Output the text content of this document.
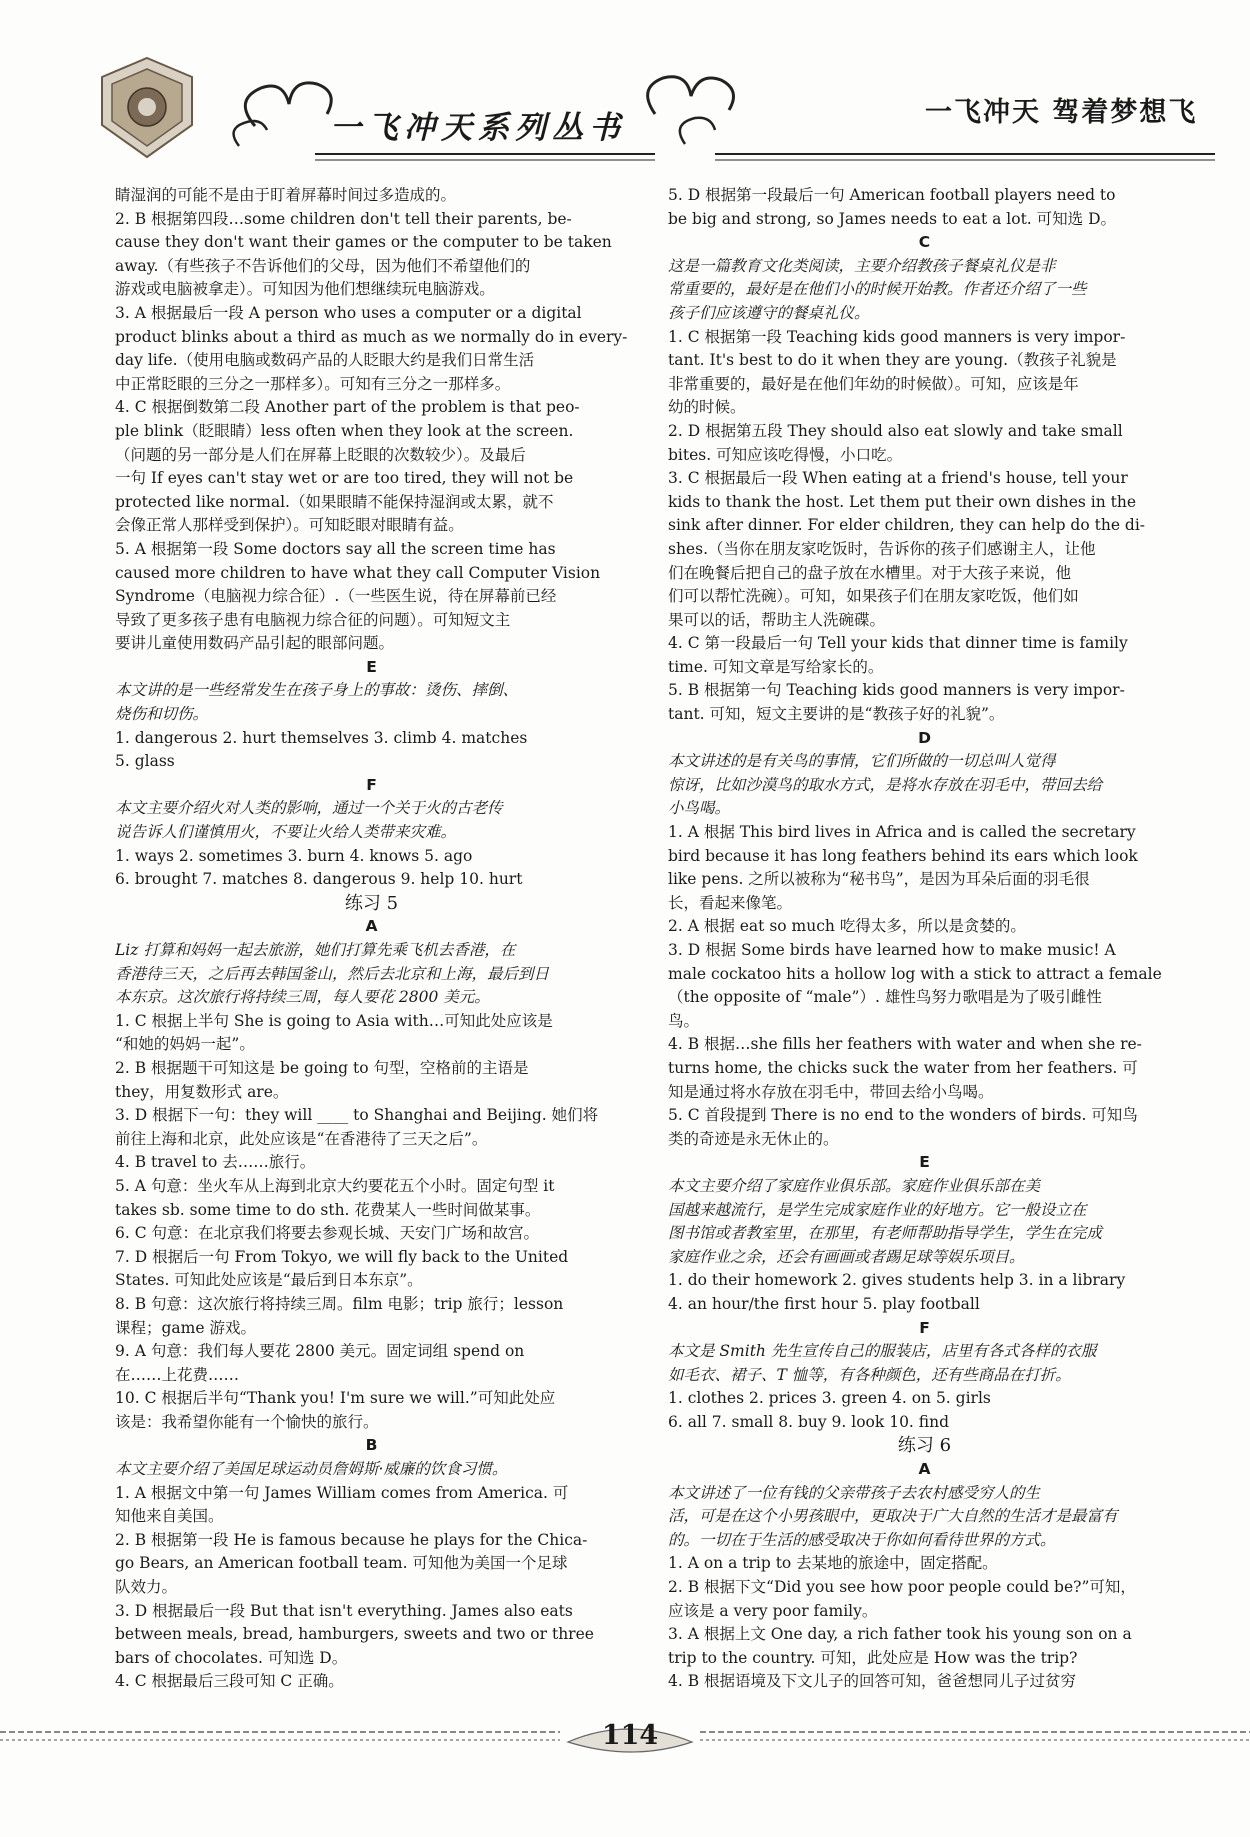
一飞冲天系列丛书	一飞冲天 驾着梦想飞
睛湿润的可能不是由于盯着屏幕时间过多造成的。
2. B 根据第四段…some children don't tell their parents, be-
cause they don't want their games or the computer to be taken
away.（有些孩子不告诉他们的父母，因为他们不希望他们的
游戏或电脑被拿走）。可知因为他们想继续玩电脑游戏。
3. A 根据最后一段 A person who uses a computer or a digital
product blinks about a third as much as we normally do in every-
day life.（使用电脑或数码产品的人眨眼大约是我们日常生活
中正常眨眼的三分之一那样多）。可知有三分之一那样多。
4. C 根据倒数第二段 Another part of the problem is that peo-
ple blink（眨眼睛）less often when they look at the screen.
（问题的另一部分是人们在屏幕上眨眼的次数较少）。及最后
一句 If eyes can't stay wet or are too tired, they will not be
protected like normal.（如果眼睛不能保持湿润或太累，就不
会像正常人那样受到保护）。可知眨眼对眼睛有益。
5. A 根据第一段 Some doctors say all the screen time has
caused more children to have what they call Computer Vision
Syndrome（电脑视力综合征）.（一些医生说，待在屏幕前已经
导致了更多孩子患有电脑视力综合征的问题）。可知短文主
要讲儿童使用数码产品引起的眼部问题。
E
本文讲的是一些经常发生在孩子身上的事故：烫伤、摔倒、
烧伤和切伤。
1. dangerous 2. hurt themselves 3. climb 4. matches
5. glass
F
本文主要介绍火对人类的影响，通过一个关于火的古老传
说告诉人们谨慎用火，不要让火给人类带来灾难。
1. ways 2. sometimes 3. burn 4. knows 5. ago
6. brought 7. matches 8. dangerous 9. help 10. hurt
练习 5
A
Liz 打算和妈妈一起去旅游，她们打算先乘飞机去香港，在
香港待三天，之后再去韩国釜山，然后去北京和上海，最后到日
本东京。这次旅行将持续三周，每人要花 2800 美元。
1. C 根据上半句 She is going to Asia with…可知此处应该是
“和她的妈妈一起”。
2. B 根据题干可知这是 be going to 句型，空格前的主语是
they，用复数形式 are。
3. D 根据下一句：they will ____ to Shanghai and Beijing. 她们将
前往上海和北京，此处应该是“在香港待了三天之后”。
4. B travel to 去……旅行。
5. A 句意：坐火车从上海到北京大约要花五个小时。固定句型 it
takes sb. some time to do sth. 花费某人一些时间做某事。
6. C 句意：在北京我们将要去参观长城、天安门广场和故宫。
7. D 根据后一句 From Tokyo, we will fly back to the United
States. 可知此处应该是“最后到日本东京”。
8. B 句意：这次旅行将持续三周。film 电影；trip 旅行；lesson
课程；game 游戏。
9. A 句意：我们每人要花 2800 美元。固定词组 spend on
在……上花费……
10. C 根据后半句“Thank you! I'm sure we will.”可知此处应
该是：我希望你能有一个愉快的旅行。
B
本文主要介绍了美国足球运动员詹姆斯·威廉的饮食习惯。
1. A 根据文中第一句 James William comes from America. 可
知他来自美国。
2. B 根据第一段 He is famous because he plays for the Chica-
go Bears, an American football team. 可知他为美国一个足球
队效力。
3. D 根据最后一段 But that isn't everything. James also eats
between meals, bread, hamburgers, sweets and two or three
bars of chocolates. 可知选 D。
4. C 根据最后三段可知 C 正确。
5. D 根据第一段最后一句 American football players need to
be big and strong, so James needs to eat a lot. 可知选 D。
C
这是一篇教育文化类阅读，主要介绍教孩子餐桌礼仪是非
常重要的，最好是在他们小的时候开始教。作者还介绍了一些
孩子们应该遵守的餐桌礼仪。
1. C 根据第一段 Teaching kids good manners is very impor-
tant. It's best to do it when they are young.（教孩子礼貌是
非常重要的，最好是在他们年幼的时候做）。可知，应该是年
幼的时候。
2. D 根据第五段 They should also eat slowly and take small
bites. 可知应该吃得慢，小口吃。
3. C 根据最后一段 When eating at a friend's house, tell your
kids to thank the host. Let them put their own dishes in the
sink after dinner. For elder children, they can help do the di-
shes.（当你在朋友家吃饭时，告诉你的孩子们感谢主人，让他
们在晚餐后把自己的盘子放在水槽里。对于大孩子来说，他
们可以帮忙洗碗）。可知，如果孩子们在朋友家吃饭，他们如
果可以的话，帮助主人洗碗碟。
4. C 第一段最后一句 Tell your kids that dinner time is family
time. 可知文章是写给家长的。
5. B 根据第一句 Teaching kids good manners is very impor-
tant. 可知，短文主要讲的是“教孩子好的礼貌”。
D
本文讲述的是有关鸟的事情，它们所做的一切总叫人觉得
惊讶，比如沙漠鸟的取水方式，是将水存放在羽毛中，带回去给
小鸟喝。
1. A 根据 This bird lives in Africa and is called the secretary
bird because it has long feathers behind its ears which look
like pens. 之所以被称为“秘书鸟”，是因为耳朵后面的羽毛很
长，看起来像笔。
2. A 根据 eat so much 吃得太多，所以是贪婪的。
3. D 根据 Some birds have learned how to make music! A
male cockatoo hits a hollow log with a stick to attract a female
（the opposite of “male”）. 雄性鸟努力歌唱是为了吸引雌性
鸟。
4. B 根据…she fills her feathers with water and when she re-
turns home, the chicks suck the water from her feathers. 可
知是通过将水存放在羽毛中，带回去给小鸟喝。
5. C 首段提到 There is no end to the wonders of birds. 可知鸟
类的奇迹是永无休止的。
E
本文主要介绍了家庭作业俱乐部。家庭作业俱乐部在美
国越来越流行，是学生完成家庭作业的好地方。它一般设立在
图书馆或者教室里，在那里，有老师帮助指导学生，学生在完成
家庭作业之余，还会有画画或者踢足球等娱乐项目。
1. do their homework 2. gives students help 3. in a library
4. an hour/the first hour 5. play football
F
本文是 Smith 先生宣传自己的服装店，店里有各式各样的衣服
如毛衣、裙子、T 恤等，有各种颜色，还有些商品在打折。
1. clothes 2. prices 3. green 4. on 5. girls
6. all 7. small 8. buy 9. look 10. find
练习 6
A
本文讲述了一位有钱的父亲带孩子去农村感受穷人的生
活，可是在这个小男孩眼中，更取决于广大自然的生活才是最富有
的。一切在于生活的感受取决于你如何看待世界的方式。
1. A on a trip to 去某地的旅途中，固定搭配。
2. B 根据下文“Did you see how poor people could be?”可知，
应该是 a very poor family。
3. A 根据上文 One day, a rich father took his young son on a
trip to the country. 可知，此处应是 How was the trip?
4. B 根据语境及下文儿子的回答可知，爸爸想同儿子过贫穷
114
